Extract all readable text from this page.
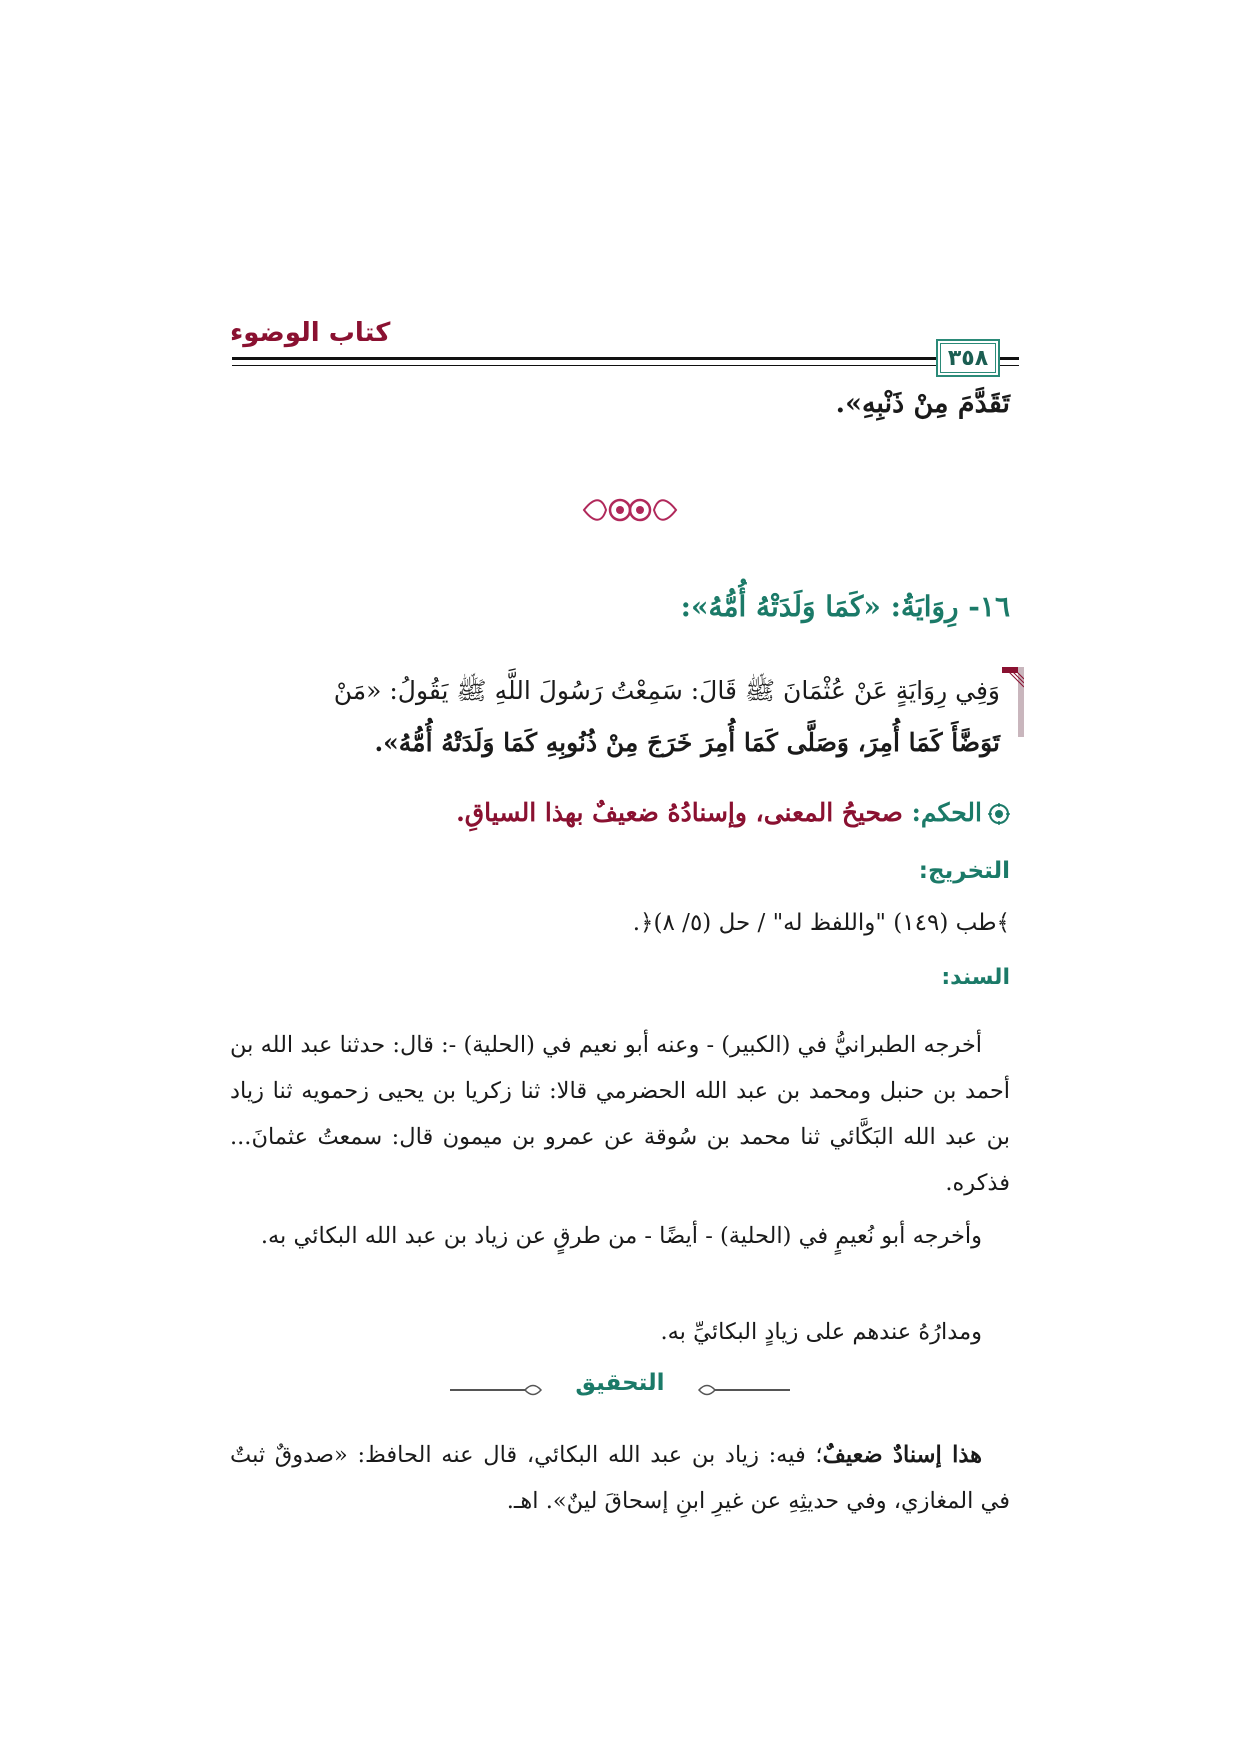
كتاب الوضوء
٣٥٨
تَقَدَّمَ مِنْ ذَنْبِهِ».
١٦- رِوَايَةُ: «كَمَا وَلَدَتْهُ أُمُّهُ»:
وَفِي رِوَايَةٍ عَنْ عُثْمَانَ ﷺ قَالَ: سَمِعْتُ رَسُولَ اللَّهِ ﷺ يَقُولُ: «مَنْ
تَوَضَّأَ كَمَا أُمِرَ، وَصَلَّى كَمَا أُمِرَ خَرَجَ مِنْ ذُنُوبِهِ كَمَا وَلَدَتْهُ أُمُّهُ».
الحكم: صحيحُ المعنى، وإسنادُهُ ضعيفٌ بهذا السياقِ.
التخريج:
﴾طب (١٤٩) "واللفظ له" / حل (٥/ ٨)﴿.
السند:
أخرجه الطبرانيُّ في (الكبير) - وعنه أبو نعيم في (الحلية) -: قال: حدثنا عبد الله بن أحمد بن حنبل ومحمد بن عبد الله الحضرمي قالا: ثنا زكريا بن يحيى زحمويه ثنا زياد بن عبد الله البَكَّائي ثنا محمد بن سُوقة عن عمرو بن ميمون قال: سمعتُ عثمانَ... فذكره.
وأخرجه أبو نُعيمٍ في (الحلية) - أيضًا - من طرقٍ عن زياد بن عبد الله البكائي به.
ومدارُهُ عندهم على زيادٍ البكائيِّ به.
التحقيق
هذا إسنادٌ ضعيفٌ؛ فيه: زياد بن عبد الله البكائي، قال عنه الحافظ: «صدوقٌ ثبتٌ في المغازي، وفي حديثِهِ عن غيرِ ابنِ إسحاقَ لينٌ». اهـ.
